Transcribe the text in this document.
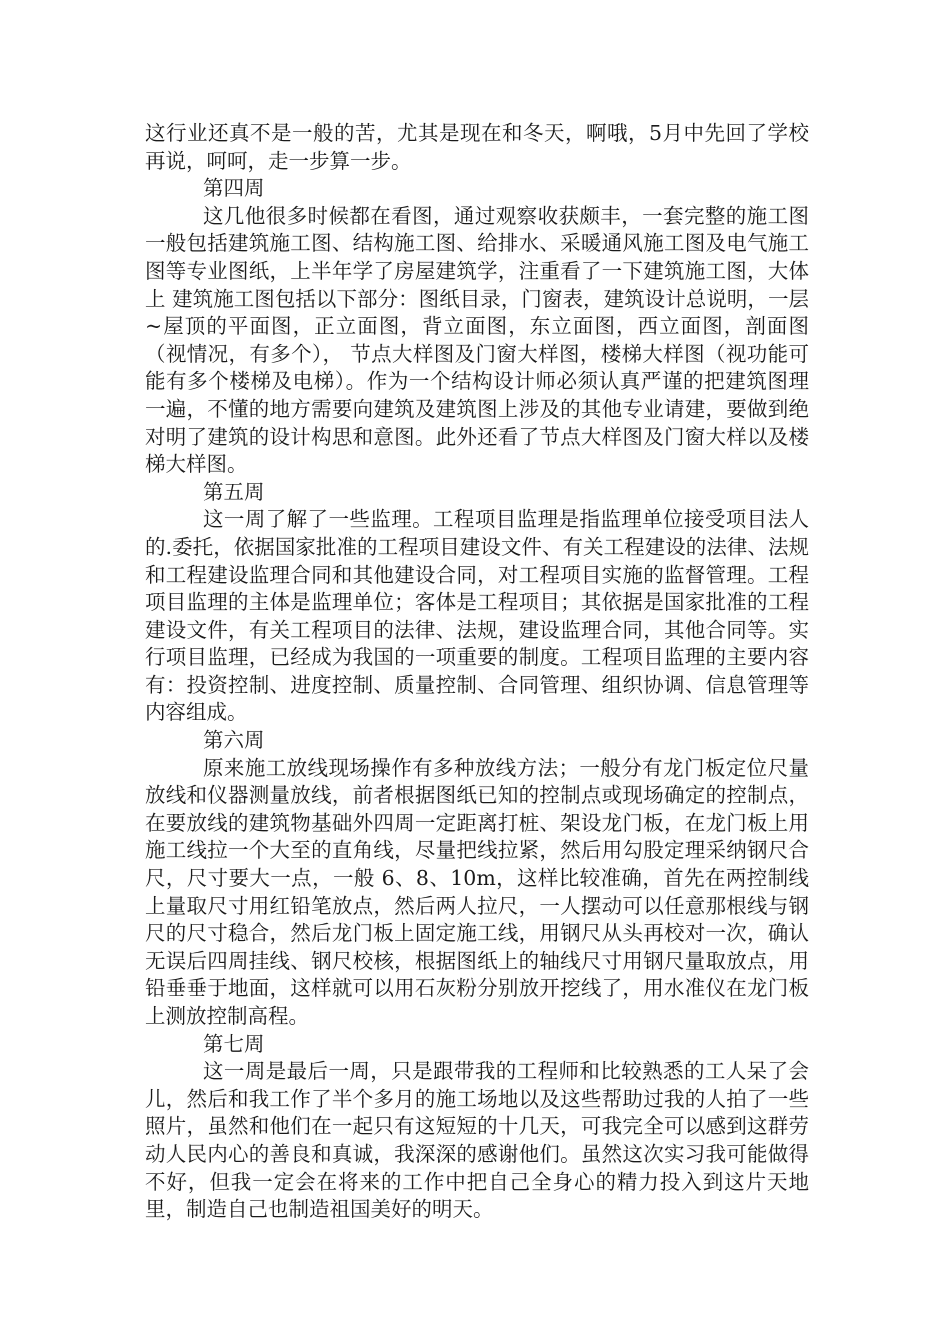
这行业还真不是一般的苦，尤其是现在和冬天，啊哦，5月中先回了学校再说，呵呵，走一步算一步。

第四周

这几他很多时候都在看图，通过观察收获颇丰，一套完整的施工图一般包括建筑施工图、结构施工图、给排水、采暖通风施工图及电气施工图等专业图纸，上半年学了房屋建筑学，注重看了一下建筑施工图，大体上 建筑施工图包括以下部分：图纸目录，门窗表，建筑设计总说明，一层~屋顶的平面图，正立面图，背立面图，东立面图，西立面图，剖面图（视情况，有多个）， 节点大样图及门窗大样图，楼梯大样图（视功能可能有多个楼梯及电梯）。作为一个结构设计师必须认真严谨的把建筑图理一遍，不懂的地方需要向建筑及建筑图上涉及的其他专业请建，要做到绝对明了建筑的设计构思和意图。此外还看了节点大样图及门窗大样以及楼梯大样图。

第五周

这一周了解了一些监理。工程项目监理是指监理单位接受项目法人的.委托，依据国家批准的工程项目建设文件、有关工程建设的法律、法规和工程建设监理合同和其他建设合同，对工程项目实施的监督管理。工程项目监理的主体是监理单位；客体是工程项目；其依据是国家批准的工程建设文件，有关工程项目的法律、法规，建设监理合同，其他合同等。实行项目监理，已经成为我国的一项重要的制度。工程项目监理的主要内容有：投资控制、进度控制、质量控制、合同管理、组织协调、信息管理等内容组成。

第六周

原来施工放线现场操作有多种放线方法；一般分有龙门板定位尺量放线和仪器测量放线，前者根据图纸已知的控制点或现场确定的控制点，在要放线的建筑物基础外四周一定距离打桩、架设龙门板，在龙门板上用施工线拉一个大至的直角线，尽量把线拉紧，然后用勾股定理采纳钢尺合尺，尺寸要大一点，一般 6、8、10m，这样比较准确，首先在两控制线上量取尺寸用红铅笔放点，然后两人拉尺，一人摆动可以任意那根线与钢尺的尺寸稳合，然后龙门板上固定施工线，用钢尺从头再校对一次，确认无误后四周挂线、钢尺校核，根据图纸上的轴线尺寸用钢尺量取放点，用铅垂垂于地面，这样就可以用石灰粉分别放开挖线了，用水准仪在龙门板上测放控制高程。

第七周

这一周是最后一周，只是跟带我的工程师和比较熟悉的工人呆了会儿，然后和我工作了半个多月的施工场地以及这些帮助过我的人拍了一些照片，虽然和他们在一起只有这短短的十几天，可我完全可以感到这群劳动人民内心的善良和真诚，我深深的感谢他们。虽然这次实习我可能做得不好，但我一定会在将来的工作中把自己全身心的精力投入到这片天地里，制造自己也制造祖国美好的明天。
